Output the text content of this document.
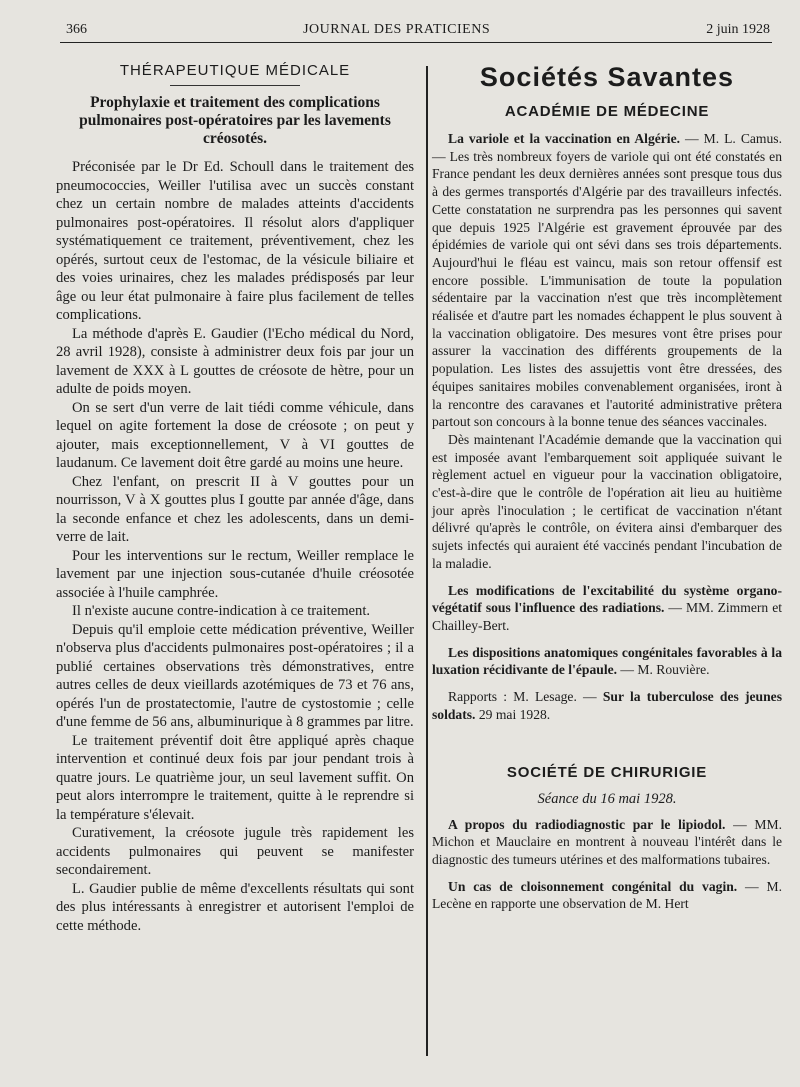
366	JOURNAL DES PRATICIENS	2 juin 1928
THÉRAPEUTIQUE MÉDICALE
Prophylaxie et traitement des complications pulmonaires post-opératoires par les lavements créosotés.

Préconisée par le Dr Ed. Schoull dans le traitement des pneumococcies, Weiller l'utilisa avec un succès constant chez un certain nombre de malades atteints d'accidents pulmonaires post-opératoires. Il résolut alors d'appliquer systématiquement ce traitement, préventivement, chez les opérés, surtout ceux de l'estomac, de la vésicule biliaire et des voies urinaires, chez les malades prédisposés par leur âge ou leur état pulmonaire à faire plus facilement de telles complications.

La méthode d'après E. Gaudier (l'Echo médical du Nord, 28 avril 1928), consiste à administrer deux fois par jour un lavement de XXX à L gouttes de créosote de hètre, pour un adulte de poids moyen.

On se sert d'un verre de lait tiédi comme véhicule, dans lequel on agite fortement la dose de créosote ; on peut y ajouter, mais exceptionnellement, V à VI gouttes de laudanum. Ce lavement doit être gardé au moins une heure.

Chez l'enfant, on prescrit II à V gouttes pour un nourrisson, V à X gouttes plus I goutte par année d'âge, dans la seconde enfance et chez les adolescents, dans un demi-verre de lait.

Pour les interventions sur le rectum, Weiller remplace le lavement par une injection sous-cutanée d'huile créosotée associée à l'huile camphrée.

Il n'existe aucune contre-indication à ce traitement.

Depuis qu'il emploie cette médication préventive, Weiller n'observa plus d'accidents pulmonaires post-opératoires ; il a publié certaines observations très démonstratives, entre autres celles de deux vieillards azotémiques de 73 et 76 ans, opérés l'un de prostatectomie, l'autre de cystostomie ; celle d'une femme de 56 ans, albuminurique à 8 grammes par litre.

Le traitement préventif doit être appliqué après chaque intervention et continué deux fois par jour pendant trois à quatre jours. Le quatrième jour, un seul lavement suffit. On peut alors interrompre le traitement, quitte à le reprendre si la température s'élevait.

Curativement, la créosote jugule très rapidement les accidents pulmonaires qui peuvent se manifester secondairement.

L. Gaudier publie de même d'excellents résultats qui sont des plus intéressants à enregistrer et autorisent l'emploi de cette méthode.

Sociétés Savantes
ACADÉMIE DE MÉDECINE

La variole et la vaccination en Algérie. — M. L. Camus. — Les très nombreux foyers de variole qui ont été constatés en France pendant les deux dernières années sont presque tous dus à des germes transportés d'Algérie par des travailleurs infectés. Cette constatation ne surprendra pas les personnes qui savent que depuis 1925 l'Algérie est gravement éprouvée par des épidémies de variole qui ont sévi dans ses trois départements. Aujourd'hui le fléau est vaincu, mais son retour offensif est encore possible. L'immunisation de toute la population sédentaire par la vaccination n'est que très incomplètement réalisée et d'autre part les nomades échappent le plus souvent à la vaccination obligatoire. Des mesures vont être prises pour assurer la vaccination des différents groupements de la population. Les listes des assujettis vont être dressées, des équipes sanitaires mobiles convenablement organisées, iront à la rencontre des caravanes et l'autorité administrative prêtera partout son concours à la bonne tenue des séances vaccinales.

Dès maintenant l'Académie demande que la vaccination qui est imposée avant l'embarquement soit appliquée suivant le règlement actuel en vigueur pour la vaccination obligatoire, c'est-à-dire que le contrôle de l'opération ait lieu au huitième jour après l'inoculation ; le certificat de vaccination n'étant délivré qu'après le contrôle, on évitera ainsi d'embarquer des sujets infectés qui auraient été vaccinés pendant l'incubation de la maladie.

Les modifications de l'excitabilité du système organo-végétatif sous l'influence des radiations. — MM. Zimmern et Chailley-Bert.

Les dispositions anatomiques congénitales favorables à la luxation récidivante de l'épaule. — M. Rouvière.

Rapports : M. Lesage. — Sur la tuberculose des jeunes soldats. 29 mai 1928.

SOCIÉTÉ DE CHIRURIGIE
Séance du 16 mai 1928.

A propos du radiodiagnostic par le lipiodol. — MM. Michon et Mauclaire en montrent à nouveau l'intérêt dans le diagnostic des tumeurs utérines et des malformations tubaires.

Un cas de cloisonnement congénital du vagin. — M. Lecène en rapporte une observation de M. Hert
